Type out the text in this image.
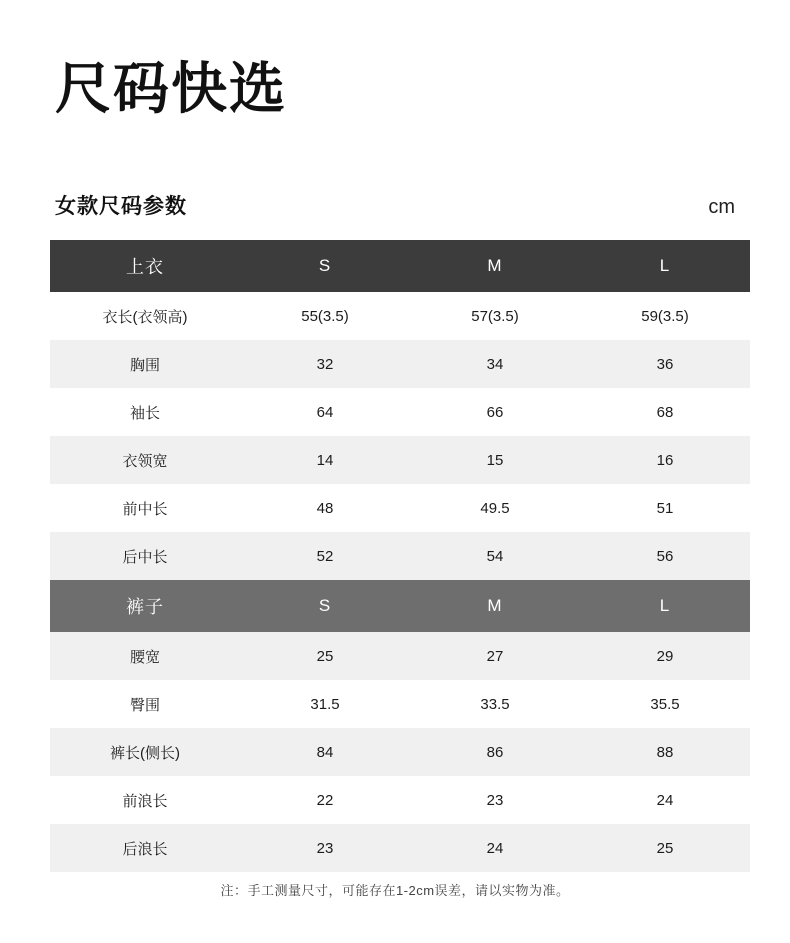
尺码快选
女款尺码参数	cm
上衣	S	M	L
衣长(衣领高)	55(3.5)	57(3.5)	59(3.5)
胸围	32	34	36
袖长	64	66	68
衣领宽	14	15	16
前中长	48	49.5	51
后中长	52	54	56
裤子	S	M	L
腰宽	25	27	29
臀围	31.5	33.5	35.5
裤长(侧长)	84	86	88
前浪长	22	23	24
后浪长	23	24	25
注：手工测量尺寸，可能存在1-2cm误差，请以实物为准。
